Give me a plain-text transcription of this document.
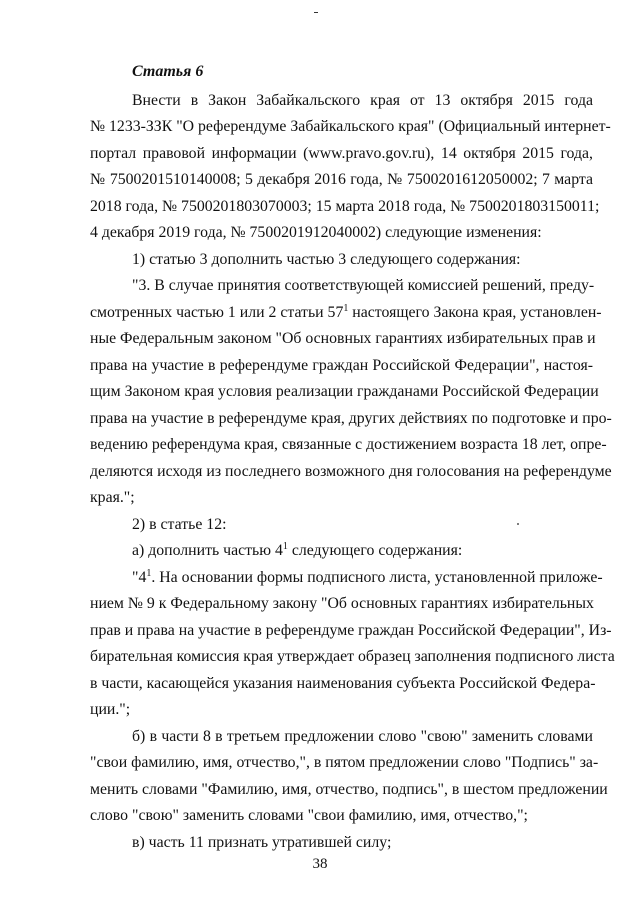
Статья 6
Внести в Закон Забайкальского края от 13 октября 2015 года
№ 1233-ЗЗК "О референдуме Забайкальского края" (Официальный интернет-
портал правовой информации (www.pravo.gov.ru), 14 октября 2015 года,
№ 7500201510140008; 5 декабря 2016 года, № 7500201612050002; 7 марта
2018 года, № 7500201803070003; 15 марта 2018 года, № 7500201803150011;
4 декабря 2019 года, № 7500201912040002) следующие изменения:
1) статью 3 дополнить частью 3 следующего содержания:
"3. В случае принятия соответствующей комиссией решений, преду-
смотренных частью 1 или 2 статьи $57^1$ настоящего Закона края, установлен-
ные Федеральным законом "Об основных гарантиях избирательных прав и
права на участие в референдуме граждан Российской Федерации", настоя-
щим Законом края условия реализации гражданами Российской Федерации
права на участие в референдуме края, других действиях по подготовке и про-
ведению референдума края, связанные с достижением возраста 18 лет, опре-
деляются исходя из последнего возможного дня голосования на референдуме
края.";
2) в статье 12:
а) дополнить частью $4^1$ следующего содержания:
"$4^1$. На основании формы подписного листа, установленной приложе-
нием № 9 к Федеральному закону "Об основных гарантиях избирательных
прав и права на участие в референдуме граждан Российской Федерации", Из-
бирательная комиссия края утверждает образец заполнения подписного листа
в части, касающейся указания наименования субъекта Российской Федера-
ции.";
б) в части 8 в третьем предложении слово "свою" заменить словами
"свои фамилию, имя, отчество,", в пятом предложении слово "Подпись" за-
менить словами "Фамилию, имя, отчество, подпись", в шестом предложении
слово "свою" заменить словами "свои фамилию, имя, отчество,";
в) часть 11 признать утратившей силу;
38
